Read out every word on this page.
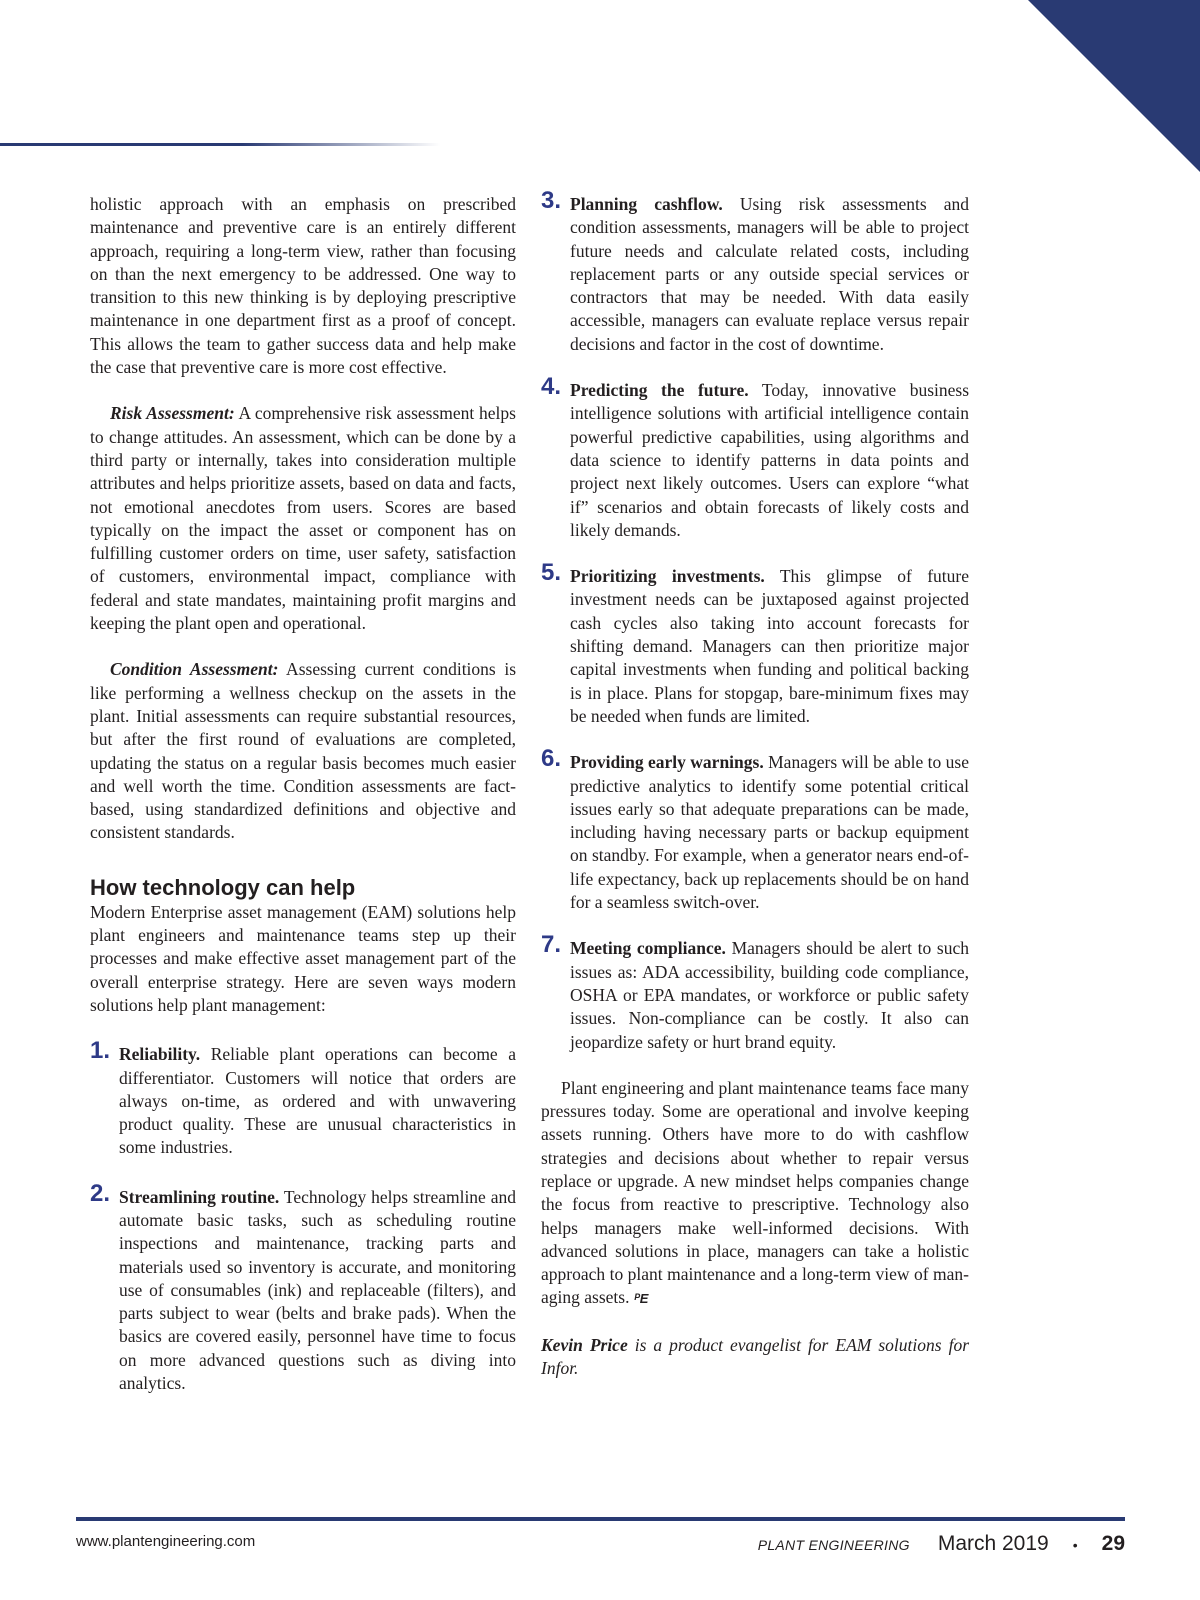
holistic approach with an emphasis on prescribed maintenance and preventive care is an entirely different approach, requiring a long-term view, rather than focusing on than the next emergency to be addressed. One way to transition to this new thinking is by deploying prescriptive maintenance in one department first as a proof of concept. This allows the team to gather success data and help make the case that preventive care is more cost effective.

Risk Assessment: A comprehensive risk assessment helps to change attitudes. An assessment, which can be done by a third party or internally, takes into consideration multiple attributes and helps prioritize assets, based on data and facts, not emotional anecdotes from users. Scores are based typically on the impact the asset or component has on fulfilling customer orders on time, user safety, satisfaction of customers, environmental impact, compliance with federal and state mandates, maintaining profit margins and keeping the plant open and operational.

Condition Assessment: Assessing current conditions is like performing a wellness checkup on the assets in the plant. Initial assessments can require substantial resources, but after the first round of evaluations are completed, updating the status on a regular basis becomes much easier and well worth the time. Condition assessments are fact-based, using standardized definitions and objective and consistent standards.

How technology can help

Modern Enterprise asset management (EAM) solutions help plant engineers and maintenance teams step up their processes and make effective asset management part of the overall enterprise strategy. Here are seven ways modern solutions help plant management:

1. Reliability. Reliable plant operations can become a differentiator. Customers will notice that orders are always on-time, as ordered and with unwavering product quality. These are unusual characteristics in some industries.

2. Streamlining routine. Technology helps streamline and automate basic tasks, such as scheduling routine inspections and maintenance, tracking parts and materials used so inventory is accurate, and monitoring use of consumables (ink) and replaceable (filters), and parts subject to wear (belts and brake pads). When the basics are covered easily, personnel have time to focus on more advanced questions such as diving into analytics.

3. Planning cashflow. Using risk assessments and condition assessments, managers will be able to project future needs and calculate related costs, including replacement parts or any outside special services or contractors that may be needed. With data easily accessible, managers can evaluate replace versus repair decisions and factor in the cost of downtime.

4. Predicting the future. Today, innovative business intelligence solutions with artificial intelligence contain powerful predictive capabilities, using algorithms and data science to identify patterns in data points and project next likely outcomes. Users can explore “what if” scenarios and obtain forecasts of likely costs and likely demands.

5. Prioritizing investments. This glimpse of future investment needs can be juxtaposed against projected cash cycles also taking into account forecasts for shifting demand. Managers can then prioritize major capital investments when funding and political backing is in place. Plans for stopgap, bare-minimum fixes may be needed when funds are limited.

6. Providing early warnings. Managers will be able to use predictive analytics to identify some potential critical issues early so that adequate preparations can be made, including having necessary parts or backup equipment on standby. For example, when a generator nears end-of-life expectancy, back up replacements should be on hand for a seamless switch-over.

7. Meeting compliance. Managers should be alert to such issues as: ADA accessibility, building code compliance, OSHA or EPA mandates, or workforce or public safety issues. Non-compliance can be costly. It also can jeopardize safety or hurt brand equity.

Plant engineering and plant maintenance teams face many pressures today. Some are operational and involve keeping assets running. Others have more to do with cashflow strategies and decisions about whether to repair versus replace or upgrade. A new mindset helps companies change the focus from reactive to prescriptive. Technology also helps managers make well-informed decisions. With advanced solutions in place, managers can take a holistic approach to plant maintenance and a long-term view of managing assets. ᴾE

Kevin Price is a product evangelist for EAM solutions for Infor.

www.plantengineering.com	PLANT ENGINEERING March 2019 • 29
